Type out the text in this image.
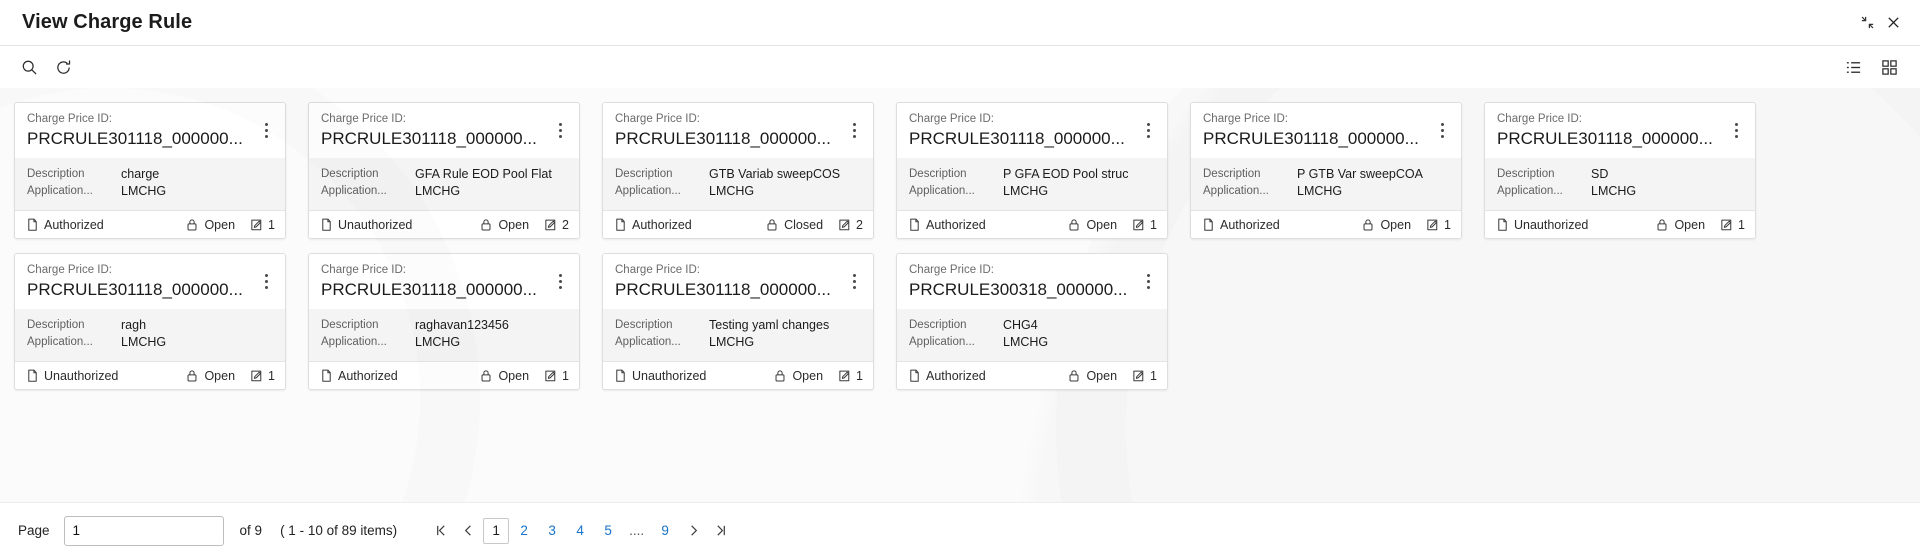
View Charge Rule
Charge Price ID:
PRCRULE301118_000000...
Description
Application...
charge
LMCHG
Authorized	Open	1
Charge Price ID:
PRCRULE301118_000000...
Description
Application...
GFA Rule EOD Pool Flat
LMCHG
Unauthorized	Open	2
Charge Price ID:
PRCRULE301118_000000...
Description
Application...
GTB Variab sweepCOS
LMCHG
Authorized	Closed	2
Charge Price ID:
PRCRULE301118_000000...
Description
Application...
P GFA EOD Pool struc
LMCHG
Authorized	Open	1
Charge Price ID:
PRCRULE301118_000000...
Description
Application...
P GTB Var sweepCOA
LMCHG
Authorized	Open	1
Charge Price ID:
PRCRULE301118_000000...
Description
Application...
SD
LMCHG
Unauthorized	Open	1
Charge Price ID:
PRCRULE301118_000000...
Description
Application...
ragh
LMCHG
Unauthorized	Open	1
Charge Price ID:
PRCRULE301118_000000...
Description
Application...
raghavan123456
LMCHG
Authorized	Open	1
Charge Price ID:
PRCRULE301118_000000...
Description
Application...
Testing yaml changes
LMCHG
Unauthorized	Open	1
Charge Price ID:
PRCRULE300318_000000...
Description
Application...
CHG4
LMCHG
Authorized	Open	1
Page
1	of 9 ( 1 - 10 of 89 items)	1	2	3	4	5	....	9
